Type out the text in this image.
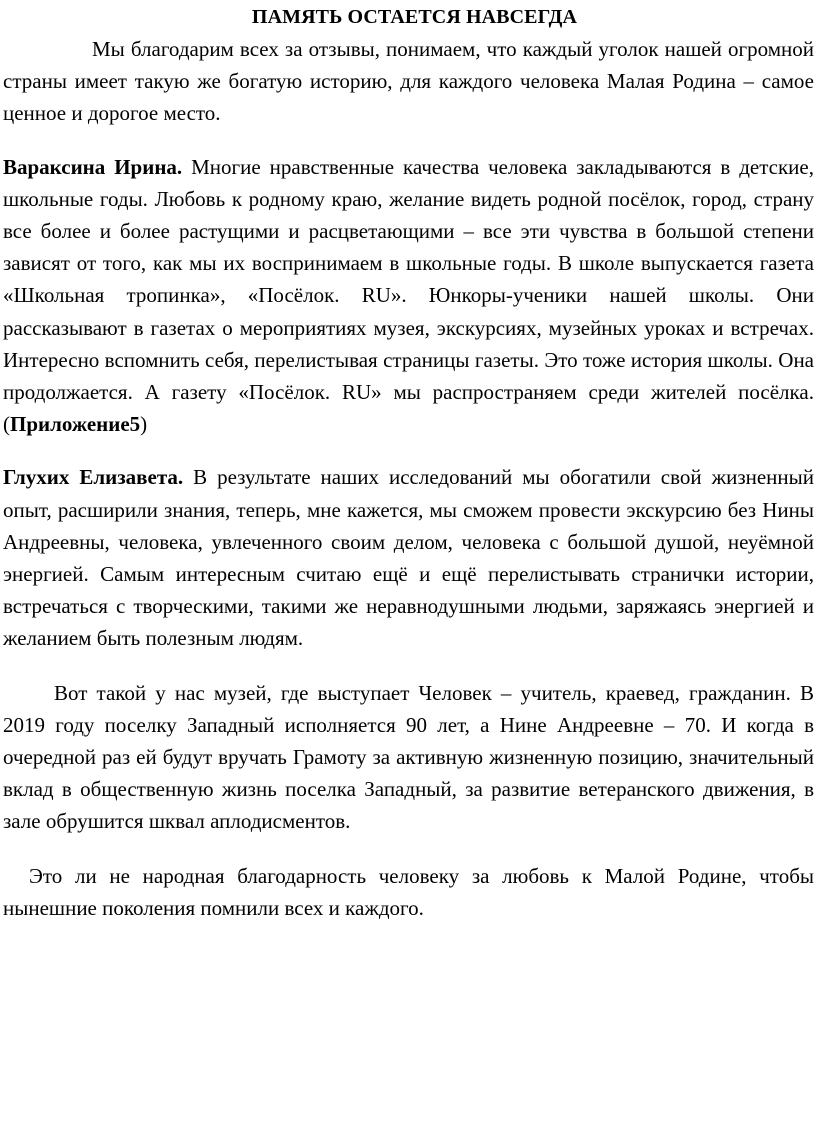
ПАМЯТЬ ОСТАЕТСЯ НАВСЕГДА

Мы благодарим всех за отзывы, понимаем, что каждый уголок нашей огромной страны имеет такую же богатую историю, для каждого человека Малая Родина – самое ценное и дорогое место.

Вараксина Ирина. Многие нравственные качества человека закладываются в детские, школьные годы. Любовь к родному краю, желание видеть родной посёлок, город, страну все более и более растущими и расцветающими – все эти чувства в большой степени зависят от того, как мы их воспринимаем в школьные годы. В школе выпускается газета «Школьная тропинка», «Посёлок. RU». Юнкоры-ученики нашей школы. Они рассказывают в газетах о мероприятиях музея, экскурсиях, музейных уроках и встречах. Интересно вспомнить себя, перелистывая страницы газеты. Это тоже история школы. Она продолжается. А газету «Посёлок. RU» мы распространяем среди жителей посёлка.(Приложение5)

Глухих Елизавета. В результате наших исследований мы обогатили свой жизненный опыт, расширили знания, теперь, мне кажется, мы сможем провести экскурсию без Нины Андреевны, человека, увлеченного своим делом, человека с большой душой, неуёмной энергией. Самым интересным считаю ещё и ещё перелистывать странички истории, встречаться с творческими, такими же неравнодушными людьми, заряжаясь энергией и желанием быть полезным людям.

Вот такой у нас музей, где выступает Человек – учитель, краевед, гражданин. В 2019 году поселку Западный исполняется 90 лет, а Нине Андреевне – 70. И когда в очередной раз ей будут вручать Грамоту за активную жизненную позицию, значительный вклад в общественную жизнь поселка Западный, за развитие ветеранского движения, в зале обрушится шквал аплодисментов.

Это ли не народная благодарность человеку за любовь к Малой Родине, чтобы нынешние поколения помнили всех и каждого.
